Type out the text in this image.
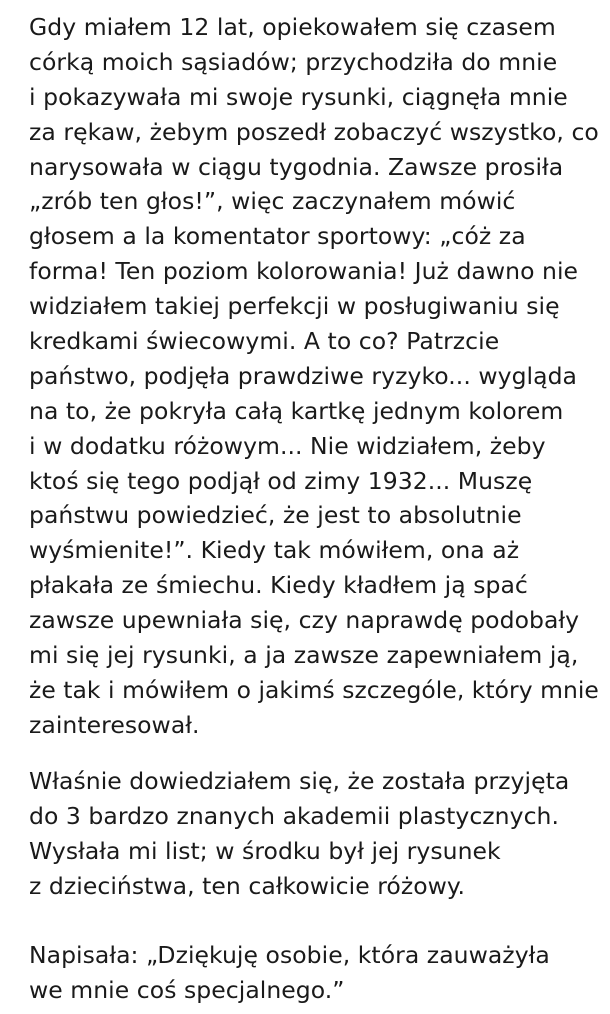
Gdy miałem 12 lat, opiekowałem się czasem
córką moich sąsiadów; przychodziła do mnie
i pokazywała mi swoje rysunki, ciągnęła mnie
za rękaw, żebym poszedł zobaczyć wszystko, co
narysowała w ciągu tygodnia. Zawsze prosiła
„zrób ten głos!”, więc zaczynałem mówić
głosem a la komentator sportowy: „cóż za
forma! Ten poziom kolorowania! Już dawno nie
widziałem takiej perfekcji w posługiwaniu się
kredkami świecowymi. A to co? Patrzcie
państwo, podjęła prawdziwe ryzyko... wygląda
na to, że pokryła całą kartkę jednym kolorem
i w dodatku różowym... Nie widziałem, żeby
ktoś się tego podjął od zimy 1932... Muszę
państwu powiedzieć, że jest to absolutnie
wyśmienite!”. Kiedy tak mówiłem, ona aż
płakała ze śmiechu. Kiedy kładłem ją spać
zawsze upewniała się, czy naprawdę podobały
mi się jej rysunki, a ja zawsze zapewniałem ją,
że tak i mówiłem o jakimś szczególe, który mnie
zainteresował.
Właśnie dowiedziałem się, że została przyjęta
do 3 bardzo znanych akademii plastycznych.
Wysłała mi list; w środku był jej rysunek
z dzieciństwa, ten całkowicie różowy.
Napisała: „Dziękuję osobie, która zauważyła
we mnie coś specjalnego.”
